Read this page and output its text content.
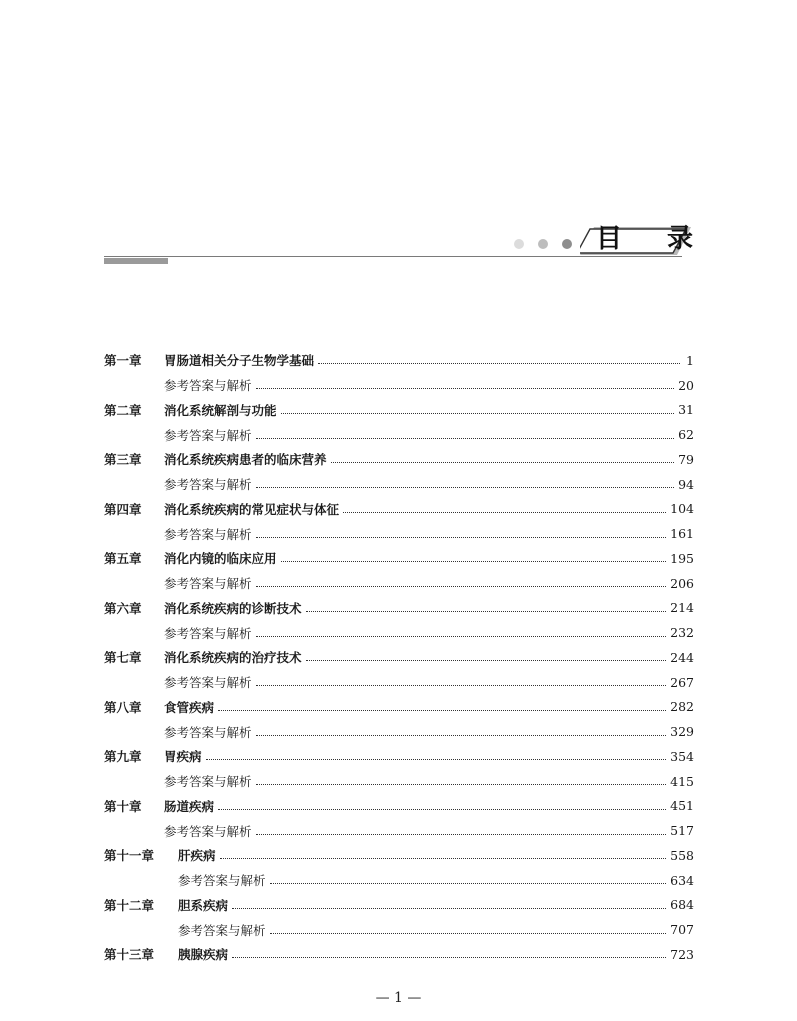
目 录
第一章 胃肠道相关分子生物学基础	1
参考答案与解析	20
第二章 消化系统解剖与功能	31
参考答案与解析	62
第三章 消化系统疾病患者的临床营养	79
参考答案与解析	94
第四章 消化系统疾病的常见症状与体征	104
参考答案与解析	161
第五章 消化内镜的临床应用	195
参考答案与解析	206
第六章 消化系统疾病的诊断技术	214
参考答案与解析	232
第七章 消化系统疾病的治疗技术	244
参考答案与解析	267
第八章 食管疾病	282
参考答案与解析	329
第九章 胃疾病	354
参考答案与解析	415
第十章 肠道疾病	451
参考答案与解析	517
第十一章 肝疾病	558
参考答案与解析	634
第十二章 胆系疾病	684
参考答案与解析	707
第十三章 胰腺疾病	723
— 1 —
